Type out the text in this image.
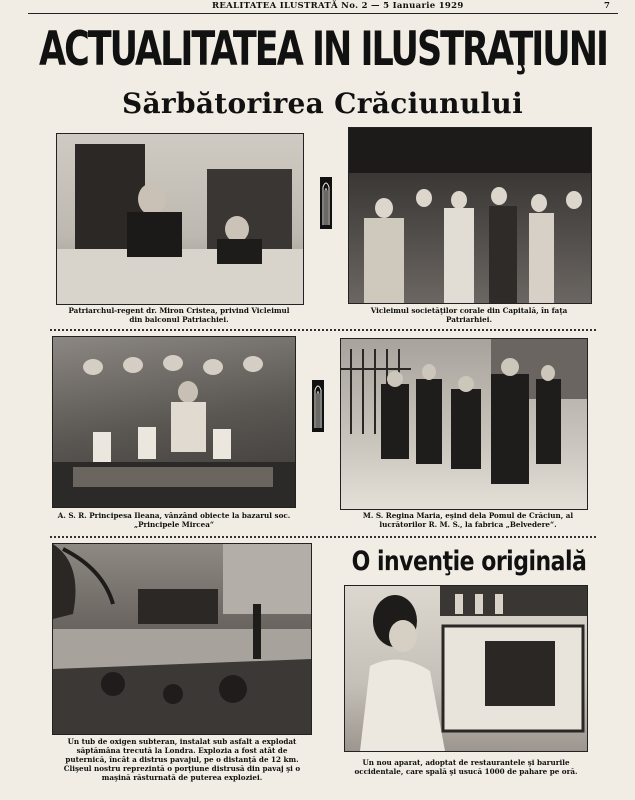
REALITATEA ILUSTRATĂ No. 2 — 5 Ianuarie 1929	7
ACTUALITATEA IN ILUSTRAŢIUNI
Sărbătorirea Crăciunului
Patriarchul-regent dr. Miron Cristea, privind Vicleimul din balconul Patriachiei.
Vicleimul societăţilor corale din Capitală, în faţa Patriarhiei.
A. S. R. Principesa Ileana, vânzând obiecte la bazarul soc. „Principele Mircea“
M. S. Regina Maria, eşind dela Pomul de Crăciun, al lucrătorilor R. M. S., la fabrica „Belvedere“.
Un tub de oxigen subteran, instalat sub asfalt a explodat săptămâna trecută la Londra. Explozia a fost atât de puternică, încât a distrus pavajul, pe o distanţă de 12 km. Clişeul nostru reprezintă o porţiune distrusă din pavaj şi o maşină răsturnată de puterea exploziei.
O invenţie originală
Un nou aparat, adoptat de restaurantele şi barurile occidentale, care spală şi usucă 1000 de pahare pe oră.
